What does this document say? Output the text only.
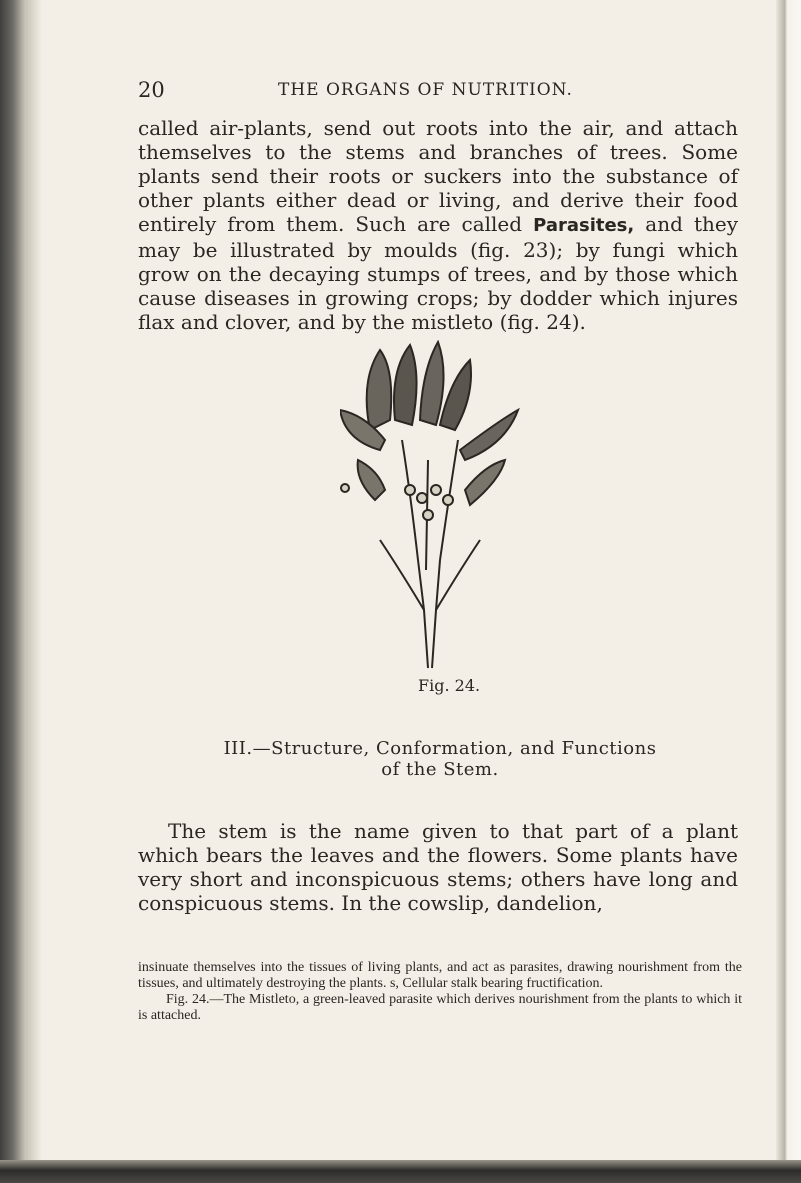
20	THE ORGANS OF NUTRITION.

called air-plants, send out roots into the air, and attach themselves to the stems and branches of trees. Some plants send their roots or suckers into the substance of other plants either dead or living, and derive their food entirely from them. Such are called Parasites, and they may be illustrated by moulds (fig. 23); by fungi which grow on the decaying stumps of trees, and by those which cause diseases in growing crops; by dodder which injures flax and clover, and by the mistleto (fig. 24).

Fig. 24.
III.—Structure, Conformation, and Functions
of the Stem.

The stem is the name given to that part of a plant which bears the leaves and the flowers. Some plants have very short and inconspicuous stems; others have long and conspicuous stems. In the cowslip, dandelion,

insinuate themselves into the tissues of living plants, and act as parasites, drawing nourishment from the tissues, and ultimately destroying the plants. s, Cellular stalk bearing fructification.
Fig. 24.—The Mistleto, a green-leaved parasite which derives nourishment from the plants to which it is attached.
